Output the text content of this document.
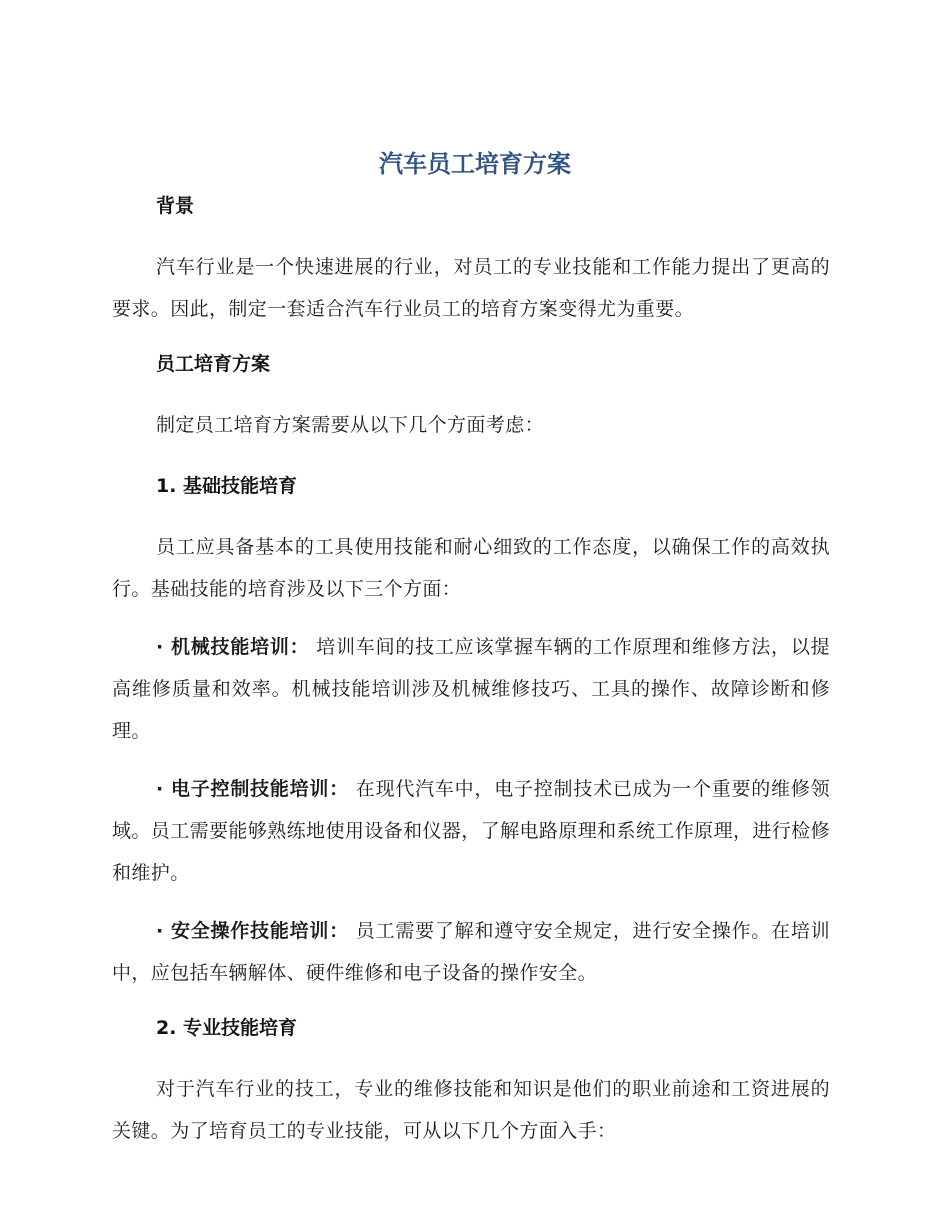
汽车员工培育方案
背景

汽车行业是一个快速进展的行业，对员工的专业技能和工作能力提出了更高的要求。因此，制定一套适合汽车行业员工的培育方案变得尤为重要。

员工培育方案

制定员工培育方案需要从以下几个方面考虑：

1. 基础技能培育

员工应具备基本的工具使用技能和耐心细致的工作态度，以确保工作的高效执行。基础技能的培育涉及以下三个方面：

· 机械技能培训： 培训车间的技工应该掌握车辆的工作原理和维修方法，以提高维修质量和效率。机械技能培训涉及机械维修技巧、工具的操作、故障诊断和修理。

· 电子控制技能培训： 在现代汽车中，电子控制技术已成为一个重要的维修领域。员工需要能够熟练地使用设备和仪器，了解电路原理和系统工作原理，进行检修和维护。

· 安全操作技能培训： 员工需要了解和遵守安全规定，进行安全操作。在培训中，应包括车辆解体、硬件维修和电子设备的操作安全。

2. 专业技能培育

对于汽车行业的技工，专业的维修技能和知识是他们的职业前途和工资进展的关键。为了培育员工的专业技能，可从以下几个方面入手：
